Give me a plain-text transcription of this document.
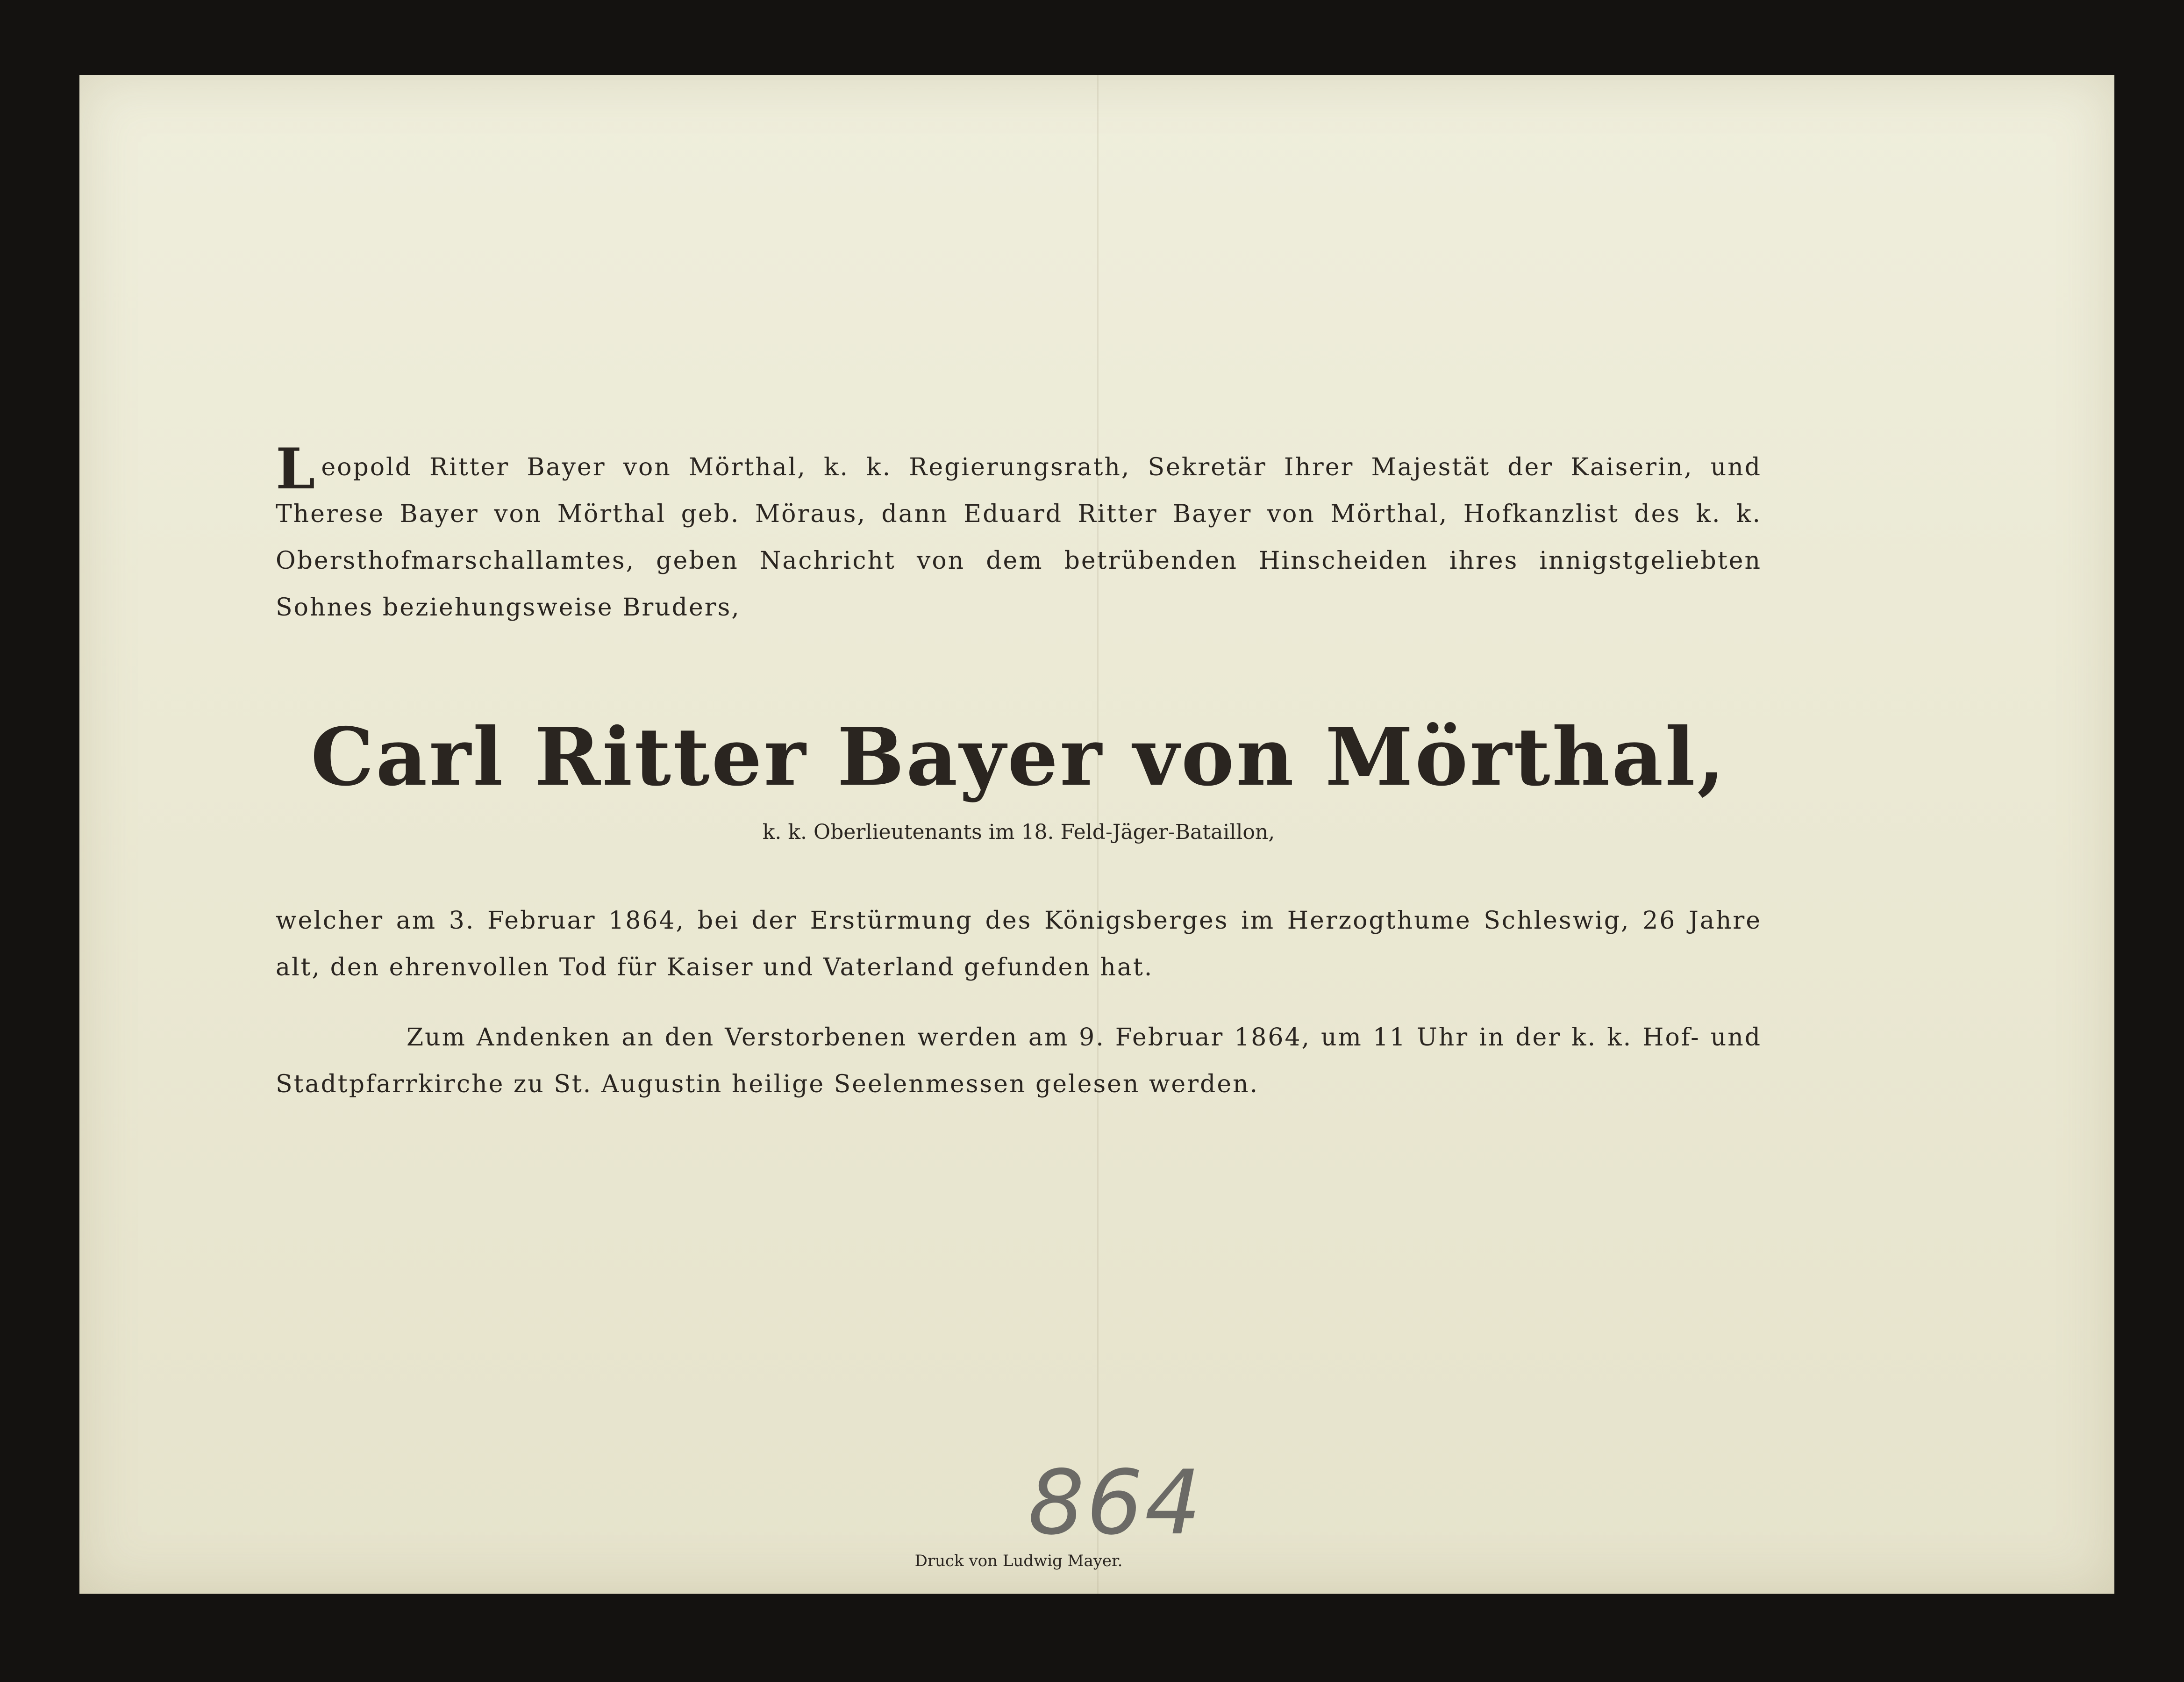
Leopold Ritter Bayer von Mörthal, k. k. Regierungsrath, Sekretär Ihrer Majestät der Kaiserin, und Therese Bayer von Mörthal geb. Möraus, dann Eduard Ritter Bayer von Mörthal, Hofkanzlist des k. k. Obersthofmarschallamtes, geben Nachricht von dem betrübenden Hinscheiden ihres innigstgeliebten Sohnes beziehungsweise Bruders,
Carl Ritter Bayer von Mörthal,
k. k. Oberlieutenants im 18. Feld-Jäger-Bataillon,
welcher am 3. Februar 1864, bei der Erstürmung des Königsberges im Herzogthume Schleswig, 26 Jahre alt, den ehrenvollen Tod für Kaiser und Vaterland gefunden hat.
Zum Andenken an den Verstorbenen werden am 9. Februar 1864, um 11 Uhr in der k. k. Hof- und Stadtpfarrkirche zu St. Augustin heilige Seelenmessen gelesen werden.
864
Druck von Ludwig Mayer.
